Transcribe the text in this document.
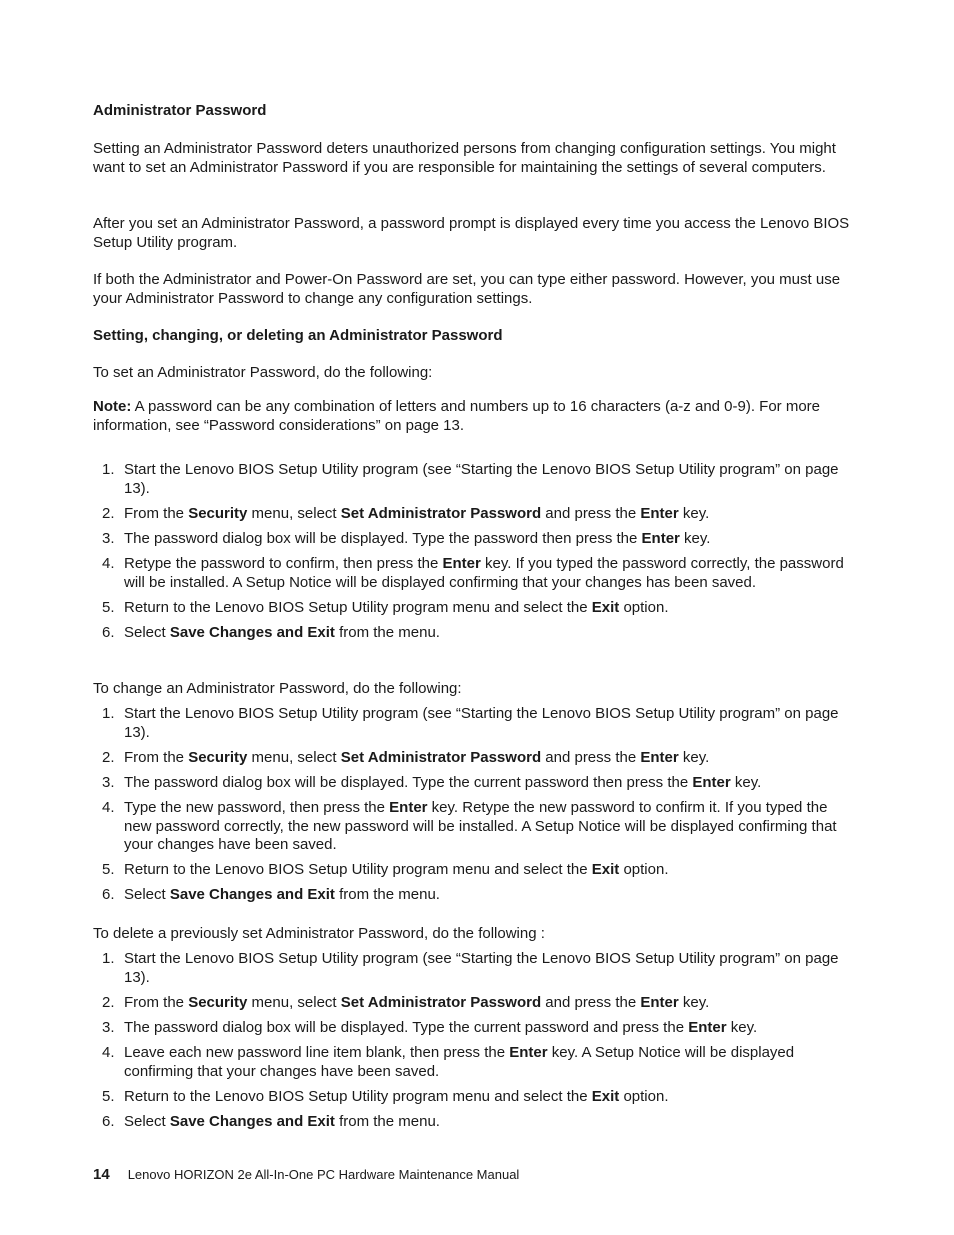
Administrator Password

Setting an Administrator Password deters unauthorized persons from changing configuration settings. You might want to set an Administrator Password if you are responsible for maintaining the settings of several computers.

After you set an Administrator Password, a password prompt is displayed every time you access the Lenovo BIOS Setup Utility program.

If both the Administrator and Power-On Password are set, you can type either password. However, you must use your Administrator Password to change any configuration settings.

Setting, changing, or deleting an Administrator Password

To set an Administrator Password, do the following:

Note: A password can be any combination of letters and numbers up to 16 characters (a-z and 0-9). For more information, see “Password considerations” on page 13.

1. Start the Lenovo BIOS Setup Utility program (see “Starting the Lenovo BIOS Setup Utility program” on page 13).
2. From the Security menu, select Set Administrator Password and press the Enter key.
3. The password dialog box will be displayed. Type the password then press the Enter key.
4. Retype the password to confirm, then press the Enter key. If you typed the password correctly, the password will be installed. A Setup Notice will be displayed confirming that your changes has been saved.
5. Return to the Lenovo BIOS Setup Utility program menu and select the Exit option.
6. Select Save Changes and Exit from the menu.

To change an Administrator Password, do the following:

1. Start the Lenovo BIOS Setup Utility program (see “Starting the Lenovo BIOS Setup Utility program” on page 13).
2. From the Security menu, select Set Administrator Password and press the Enter key.
3. The password dialog box will be displayed. Type the current password then press the Enter key.
4. Type the new password, then press the Enter key. Retype the new password to confirm it. If you typed the new password correctly, the new password will be installed. A Setup Notice will be displayed confirming that your changes have been saved.
5. Return to the Lenovo BIOS Setup Utility program menu and select the Exit option.
6. Select Save Changes and Exit from the menu.

To delete a previously set Administrator Password, do the following :

1. Start the Lenovo BIOS Setup Utility program (see “Starting the Lenovo BIOS Setup Utility program” on page 13).
2. From the Security menu, select Set Administrator Password and press the Enter key.
3. The password dialog box will be displayed. Type the current password and press the Enter key.
4. Leave each new password line item blank, then press the Enter key. A Setup Notice will be displayed confirming that your changes have been saved.
5. Return to the Lenovo BIOS Setup Utility program menu and select the Exit option.
6. Select Save Changes and Exit from the menu.
14 Lenovo HORIZON 2e All-In-One PC Hardware Maintenance Manual
